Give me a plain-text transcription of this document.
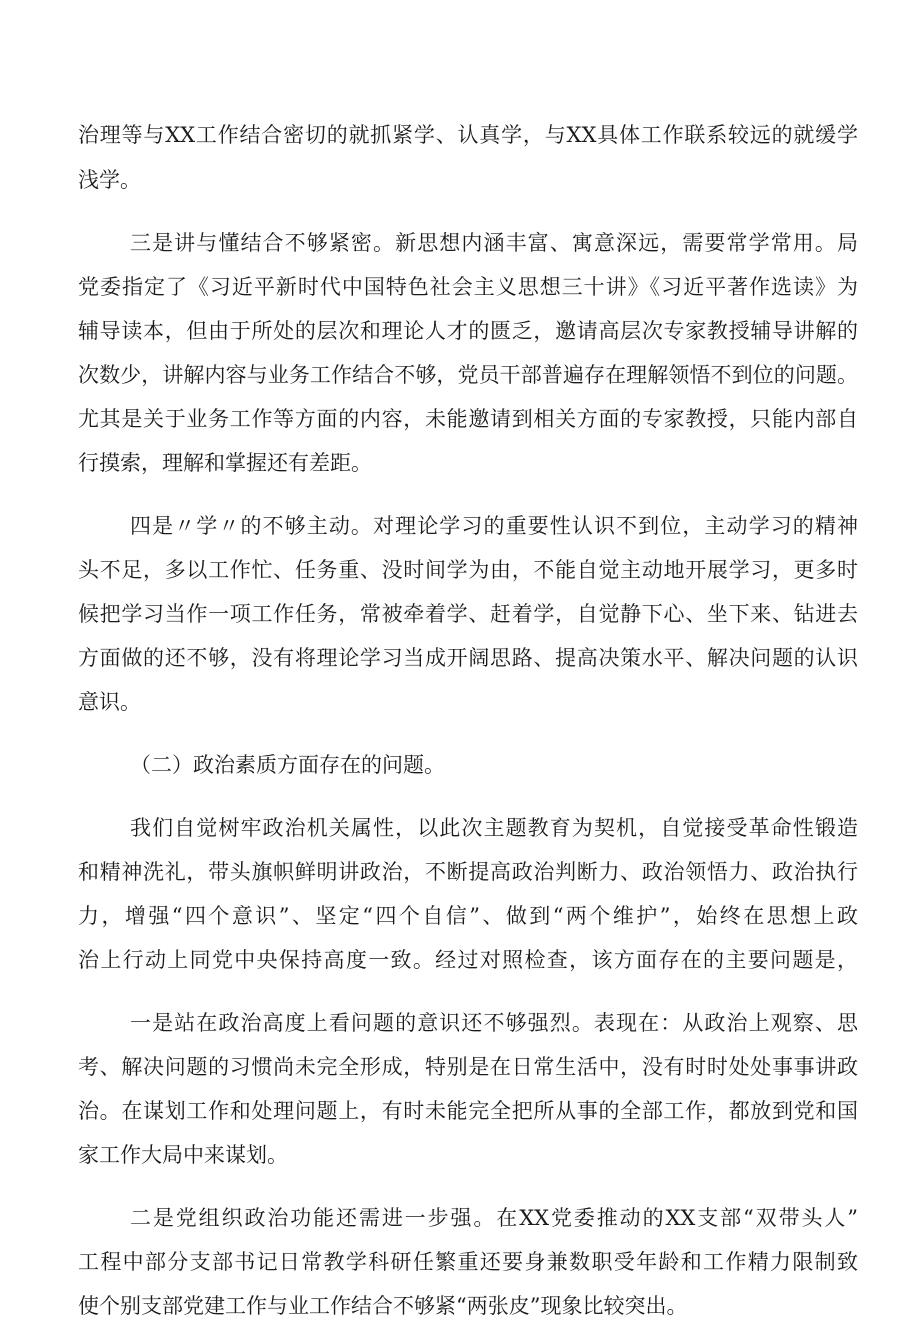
治理等与XX工作结合密切的就抓紧学、认真学，与XX具体工作联系较远的就缓学
浅学。
三是讲与懂结合不够紧密。新思想内涵丰富、寓意深远，需要常学常用。局
党委指定了《习近平新时代中国特色社会主义思想三十讲》《习近平著作选读》为
辅导读本，但由于所处的层次和理论人才的匮乏，邀请高层次专家教授辅导讲解的
次数少，讲解内容与业务工作结合不够，党员干部普遍存在理解领悟不到位的问题。
尤其是关于业务工作等方面的内容，未能邀请到相关方面的专家教授，只能内部自
行摸索，理解和掌握还有差距。
四是〃学〃的不够主动。对理论学习的重要性认识不到位，主动学习的精神
头不足，多以工作忙、任务重、没时间学为由，不能自觉主动地开展学习，更多时
候把学习当作一项工作任务，常被牵着学、赶着学，自觉静下心、坐下来、钻进去
方面做的还不够，没有将理论学习当成开阔思路、提高决策水平、解决问题的认识
意识。
（二）政治素质方面存在的问题。
我们自觉树牢政治机关属性，以此次主题教育为契机，自觉接受革命性锻造
和精神洗礼，带头旗帜鲜明讲政治，不断提高政治判断力、政治领悟力、政治执行
力，增强“四个意识”、坚定“四个自信”、做到“两个维护”，始终在思想上政
治上行动上同党中央保持高度一致。经过对照检查，该方面存在的主要问题是，
一是站在政治高度上看问题的意识还不够强烈。表现在：从政治上观察、思
考、解决问题的习惯尚未完全形成，特别是在日常生活中，没有时时处处事事讲政
治。在谋划工作和处理问题上，有时未能完全把所从事的全部工作，都放到党和国
家工作大局中来谋划。
二是党组织政治功能还需进一步强。在XX党委推动的XX支部“双带头人”
工程中部分支部书记日常教学科研任繁重还要身兼数职受年龄和工作精力限制致
使个别支部党建工作与业工作结合不够紧“两张皮”现象比较突出。
